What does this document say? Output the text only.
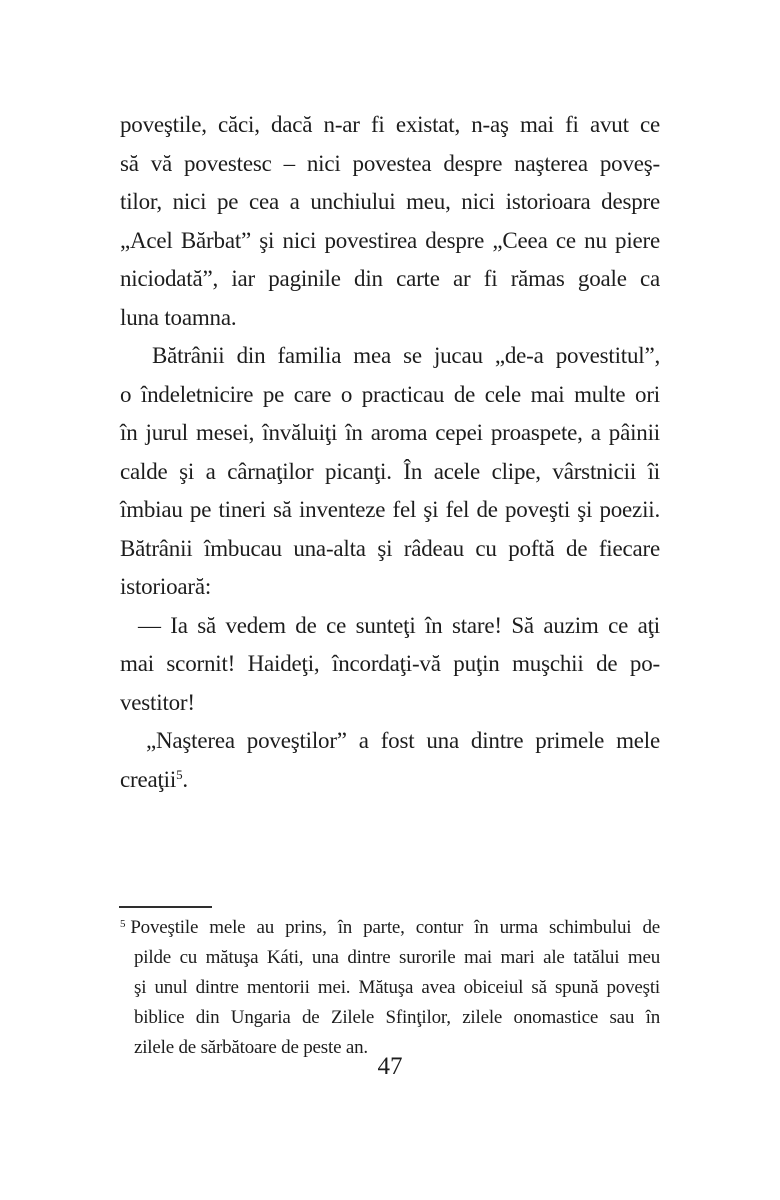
poveştile, căci, dacă n-ar fi existat, n-aş mai fi avut ce
să vă povestesc – nici povestea despre naşterea poveş-
tilor, nici pe cea a unchiului meu, nici istorioara despre
„Acel Bărbat” şi nici povestirea despre „Ceea ce nu piere
niciodată”, iar paginile din carte ar fi rămas goale ca
luna toamna.
Bătrânii din familia mea se jucau „de-a povestitul”,
o îndeletnicire pe care o practicau de cele mai multe ori
în jurul mesei, învăluiţi în aroma cepei proaspete, a pâinii
calde şi a cârnaţilor picanţi. În acele clipe, vârstnicii îi
îmbiau pe tineri să inventeze fel şi fel de poveşti şi poezii.
Bătrânii îmbucau una-alta şi râdeau cu poftă de fiecare
istorioară:
— Ia să vedem de ce sunteţi în stare! Să auzim ce aţi
mai scornit! Haideţi, încordaţi-vă puţin muşchii de po-
vestitor!
„Naşterea poveştilor” a fost una dintre primele mele
creaţii$^5$.
$^5$ Poveştile mele au prins, în parte, contur în urma schimbului de
pilde cu mătuşa Káti, una dintre surorile mai mari ale tatălui meu
şi unul dintre mentorii mei. Mătuşa avea obiceiul să spună poveşti
biblice din Ungaria de Zilele Sfinţilor, zilele onomastice sau în
zilele de sărbătoare de peste an.
47
